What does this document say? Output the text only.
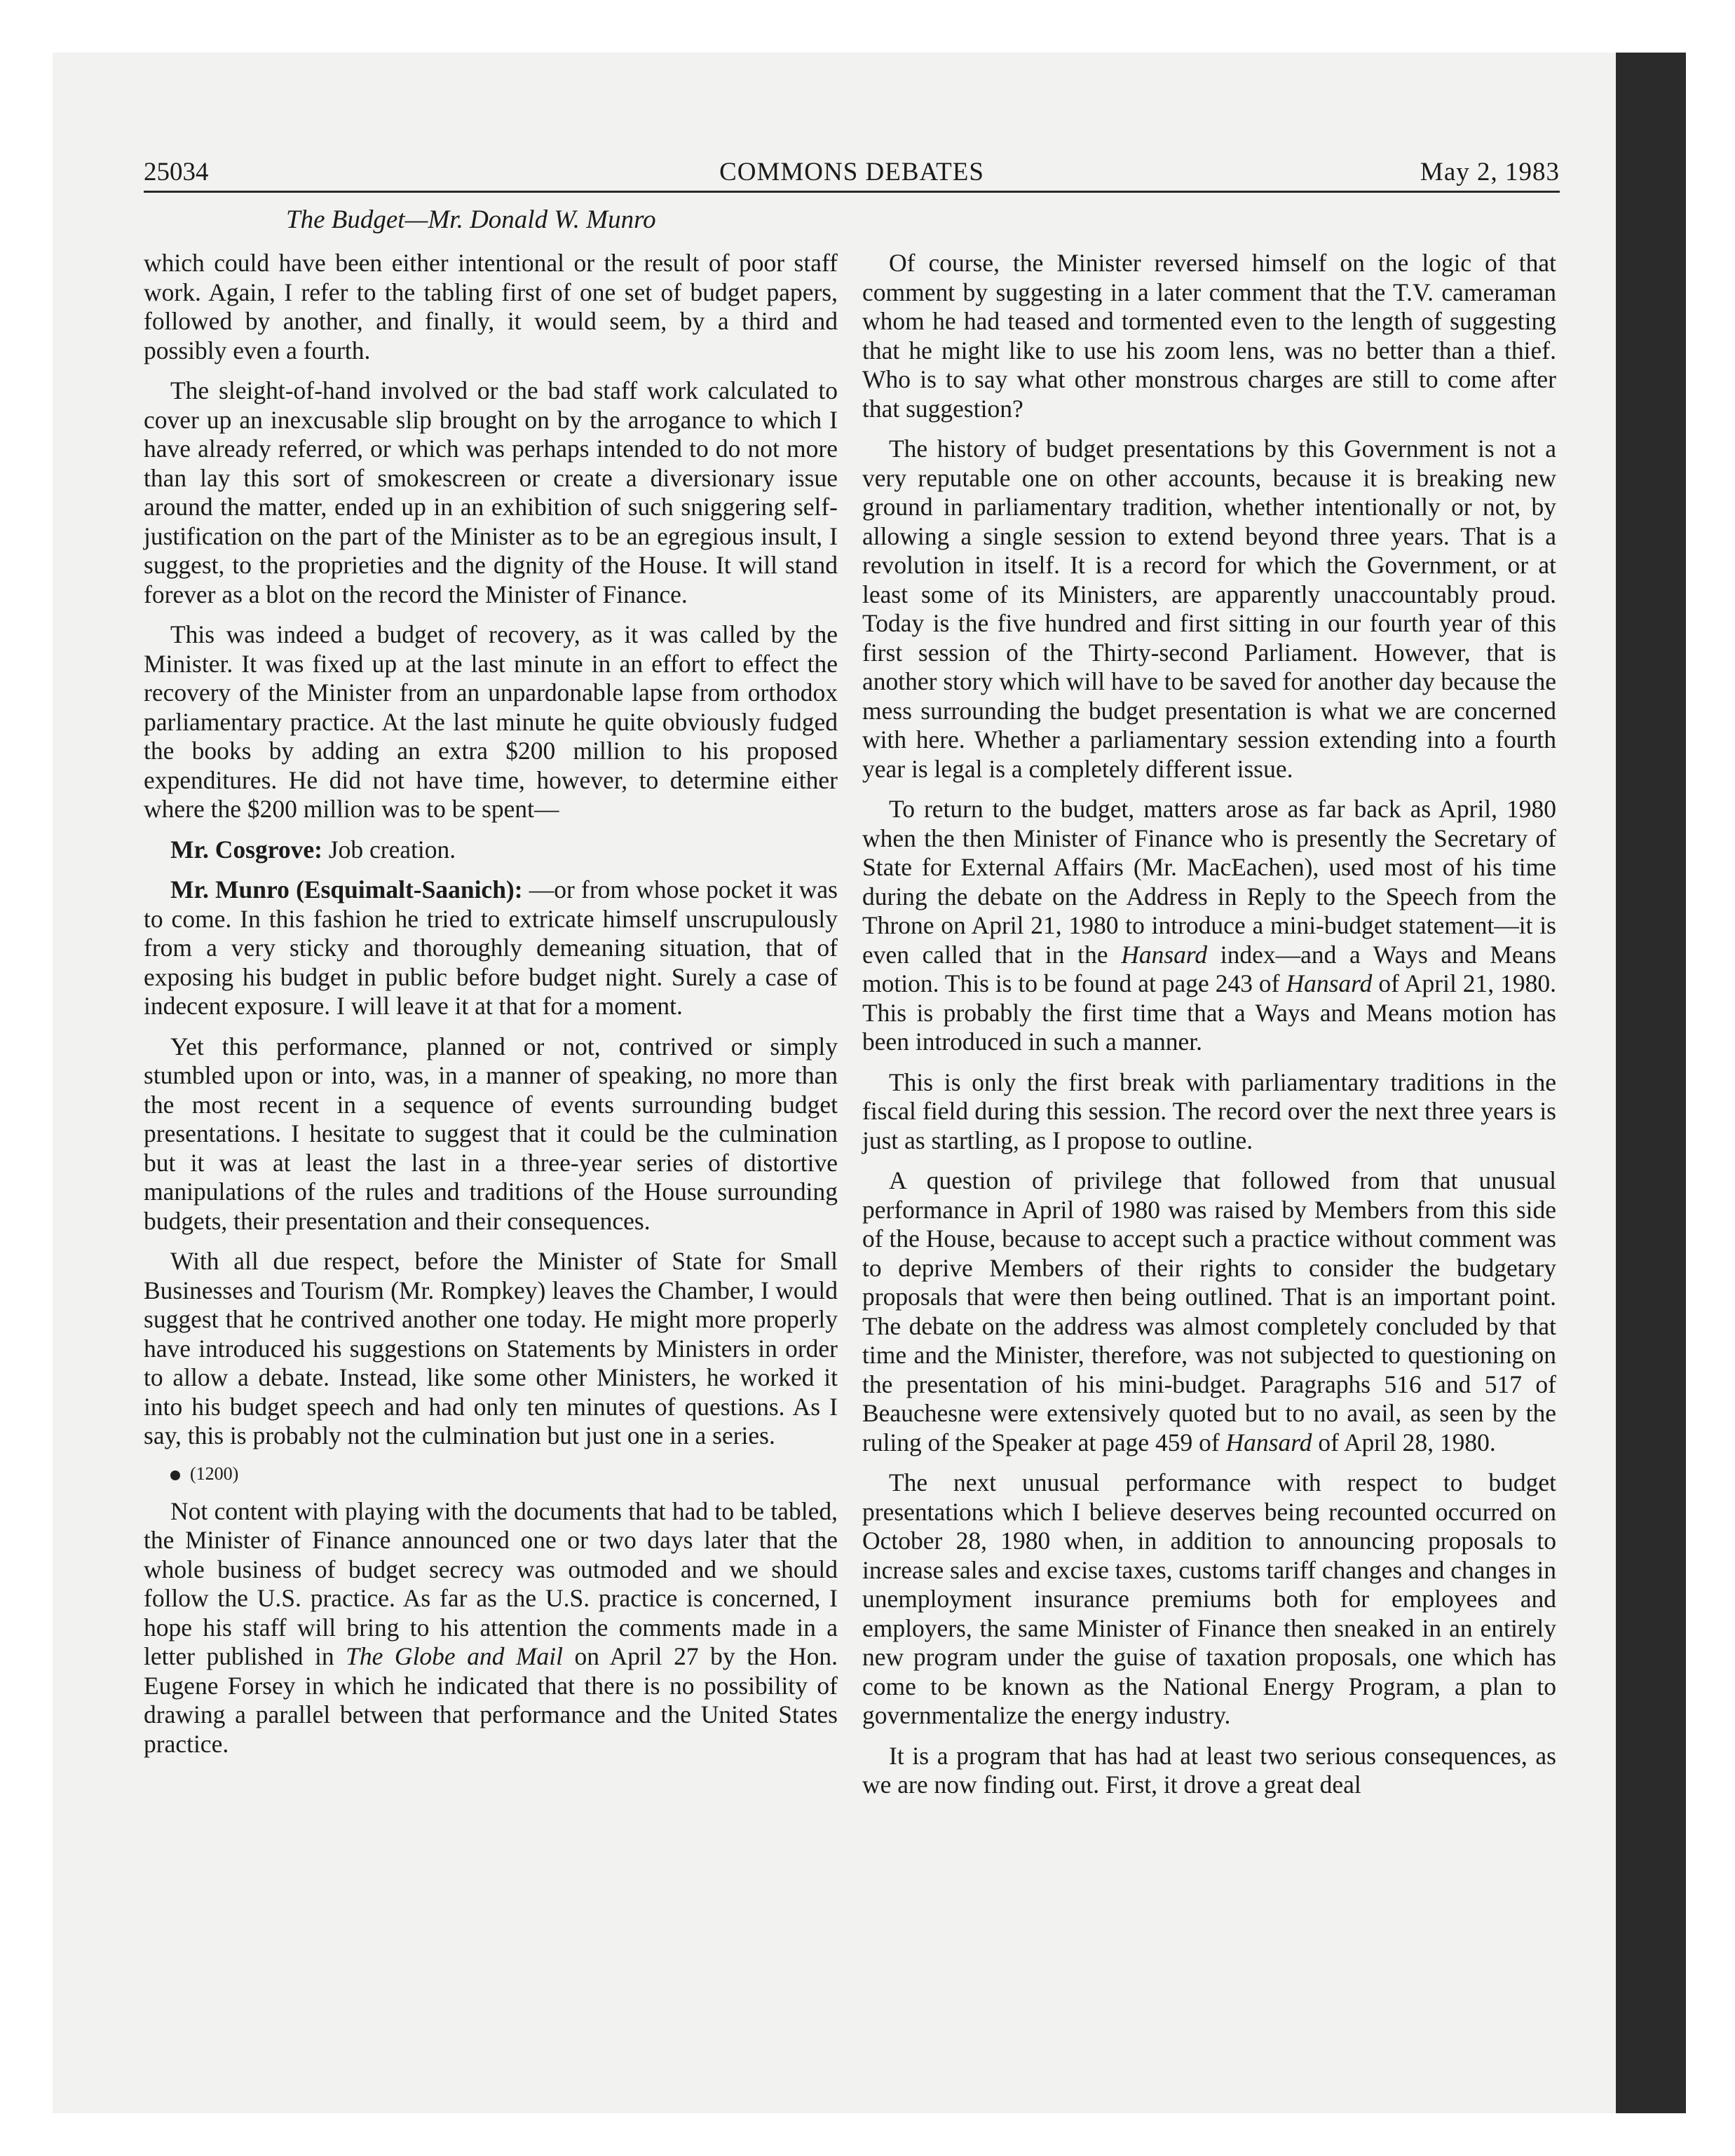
25034	COMMONS DEBATES	May 2, 1983
The Budget—Mr. Donald W. Munro

which could have been either intentional or the result of poor staff work. Again, I refer to the tabling first of one set of budget papers, followed by another, and finally, it would seem, by a third and possibly even a fourth.

The sleight-of-hand involved or the bad staff work calculated to cover up an inexcusable slip brought on by the arrogance to which I have already referred, or which was perhaps intended to do not more than lay this sort of smokescreen or create a diversionary issue around the matter, ended up in an exhibition of such sniggering self-justification on the part of the Minister as to be an egregious insult, I suggest, to the proprieties and the dignity of the House. It will stand forever as a blot on the record the Minister of Finance.

This was indeed a budget of recovery, as it was called by the Minister. It was fixed up at the last minute in an effort to effect the recovery of the Minister from an unpardonable lapse from orthodox parliamentary practice. At the last minute he quite obviously fudged the books by adding an extra $200 million to his proposed expenditures. He did not have time, however, to determine either where the $200 million was to be spent—

Mr. Cosgrove: Job creation.

Mr. Munro (Esquimalt-Saanich): —or from whose pocket it was to come. In this fashion he tried to extricate himself unscrupulously from a very sticky and thoroughly demeaning situation, that of exposing his budget in public before budget night. Surely a case of indecent exposure. I will leave it at that for a moment.

Yet this performance, planned or not, contrived or simply stumbled upon or into, was, in a manner of speaking, no more than the most recent in a sequence of events surrounding budget presentations. I hesitate to suggest that it could be the culmination but it was at least the last in a three-year series of distortive manipulations of the rules and traditions of the House surrounding budgets, their presentation and their consequences.

With all due respect, before the Minister of State for Small Businesses and Tourism (Mr. Rompkey) leaves the Chamber, I would suggest that he contrived another one today. He might more properly have introduced his suggestions on Statements by Ministers in order to allow a debate. Instead, like some other Ministers, he worked it into his budget speech and had only ten minutes of questions. As I say, this is probably not the culmination but just one in a series.

(1200)

Not content with playing with the documents that had to be tabled, the Minister of Finance announced one or two days later that the whole business of budget secrecy was outmoded and we should follow the U.S. practice. As far as the U.S. practice is concerned, I hope his staff will bring to his attention the comments made in a letter published in The Globe and Mail on April 27 by the Hon. Eugene Forsey in which he indicated that there is no possibility of drawing a parallel between that performance and the United States practice.

Of course, the Minister reversed himself on the logic of that comment by suggesting in a later comment that the T.V. cameraman whom he had teased and tormented even to the length of suggesting that he might like to use his zoom lens, was no better than a thief. Who is to say what other monstrous charges are still to come after that suggestion?

The history of budget presentations by this Government is not a very reputable one on other accounts, because it is breaking new ground in parliamentary tradition, whether intentionally or not, by allowing a single session to extend beyond three years. That is a revolution in itself. It is a record for which the Government, or at least some of its Ministers, are apparently unaccountably proud. Today is the five hundred and first sitting in our fourth year of this first session of the Thirty-second Parliament. However, that is another story which will have to be saved for another day because the mess surrounding the budget presentation is what we are concerned with here. Whether a parliamentary session extending into a fourth year is legal is a completely different issue.

To return to the budget, matters arose as far back as April, 1980 when the then Minister of Finance who is presently the Secretary of State for External Affairs (Mr. MacEachen), used most of his time during the debate on the Address in Reply to the Speech from the Throne on April 21, 1980 to introduce a mini-budget statement—it is even called that in the Hansard index—and a Ways and Means motion. This is to be found at page 243 of Hansard of April 21, 1980. This is probably the first time that a Ways and Means motion has been introduced in such a manner.

This is only the first break with parliamentary traditions in the fiscal field during this session. The record over the next three years is just as startling, as I propose to outline.

A question of privilege that followed from that unusual performance in April of 1980 was raised by Members from this side of the House, because to accept such a practice without comment was to deprive Members of their rights to consider the budgetary proposals that were then being outlined. That is an important point. The debate on the address was almost completely concluded by that time and the Minister, therefore, was not subjected to questioning on the presentation of his mini-budget. Paragraphs 516 and 517 of Beauchesne were extensively quoted but to no avail, as seen by the ruling of the Speaker at page 459 of Hansard of April 28, 1980.

The next unusual performance with respect to budget presentations which I believe deserves being recounted occurred on October 28, 1980 when, in addition to announcing proposals to increase sales and excise taxes, customs tariff changes and changes in unemployment insurance premiums both for employees and employers, the same Minister of Finance then sneaked in an entirely new program under the guise of taxation proposals, one which has come to be known as the National Energy Program, a plan to governmentalize the energy industry.

It is a program that has had at least two serious consequences, as we are now finding out. First, it drove a great deal
